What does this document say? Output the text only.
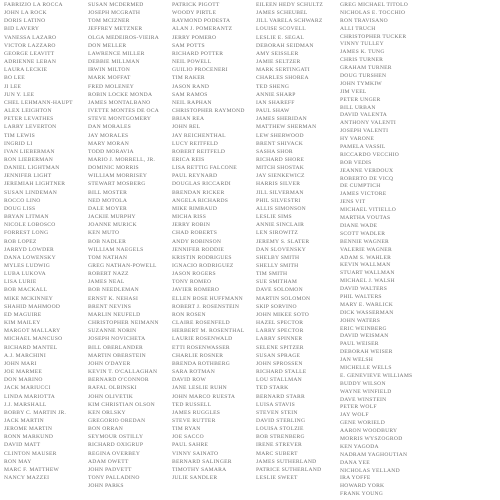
FABRIZIO LA ROCCA
JOHN LA ROCK
DORIS LATINO
BID LAVERY
VANESSA LAZARO
VICTOR LAZZARO
GEORGE LEAVITT
ADRIENNE LEBAN
LAURA LECKIE
BO LEE
JI LEE
JUN Y. LEE
CHEL LEHMANN-HAUPT
ALEX LEIGHTON
PETER LEVATHES
LARRY LEVERTON
TIM LEWIS
INGRID LI
IVAN LIEBERMAN
RON LIEBERMAN
DANIEL LIGHTMAN
JENNIFER LIGHT
JEREMIAH LIGHTNER
SUSAN LINDEMAN
ROCCO LINO
DOUG LISS
BRYAN LITMAN
NICOLE LOBOSCO
FORREST LONG
ROB LOPEZ
JARRYD LOWDER
DANA LOWENSKY
MYLES LUDWIG
LUBA LUKOVA
LISA LURIE
BOB MACKALL
MIKE MCKINNEY
SHAHID MAHMOOD
ED MAGUIRE
KIM MAILEY
MARGOT MALLARY
MICHAEL MANCUSO
RICHARD MANTEL
A.J. MARCHINI
JOHN MARI
JOE MARMEE
DON MARINO
JACK MARIUCCI
LINDA MARIOTTA
J.J. MARSHALL
BOBBY C. MARTIN JR.
JACK MARTIN
JEROME MARTIN
RONN MARKUND
DAVID MATT
CLINTON MAUSER
RON MAY
MARC F. MATTHEW
NANCY MAZZEI
SUSAN MCDERMED
JOSEPH MCGRATH
TOM MCIZNER
JEFFREY METZNER
OLGA MEDEIROS-VIEIRA
DON MELLER
LAWRENCE MILLER
DEBBIE MILLMAN
IRWIN MILTON
MARK MOFFAT
FRED MOLENEY
ROBIN LOCKE MONDA
JAMES MONTALBANO
IVETTE MONTES DE OCA
STEVE MONTGOMERY
DAN MORALES
JAY MORALES
MARY MORAN
TODD MORAVIA
MARIO J. MORRELL, JR.
DOMINIC MORRIS
WILLIAM MORRISEY
STEWART MOSBERG
BILL MOSTER
NED MOTOLA
DALE MOYER
JACKIE MURPHY
JOANNE MURICK
KEN MUTO
BOB NADLER
WILLIAM NAEGELS
TOM NATHAN
GREG NATHAN-POWELL
ROBERT NAZZ
JAMES NEAL
BOB NEEDLEMAN
ERNST K. NEHASI
BRENT NEVINS
MARLIN NEUFELD
CHRISTOPHER NEIMANN
SUZANNE NORIN
JOSEPH NOVICHETA
BILL OBERLANDER
MARTIN OBERSTEIN
JOHN O'DAYER
KEVIN T. O'CALLAGHAN
BERNARD O'CONNOR
RAFAL OLBINSKI
JOHN OLIVETIK
KIM CHRISTIAN OLSON
KEN ORLSKY
GREGORIO OREDAN
BON ORRAN
SEYMOUR OSTILLY
RICHARD OXIGRUP
REGINA OVERBEY
ADAM OWETT
JOHN PADVETT
TONY PALLADINO
JOHN PARKS
PATRICK PIGOTT
WOODY PIRTLE
RAYMOND PODESTA
ALAN J. POMERANTZ
JERRY POMERO
SAM POTTS
RICHARD POTTER
NEIL POWELL
GUILIO PROCENERI
TIM RAKER
JASON RAND
SAM RAMOS
NEIL RAPHAN
CHRISTOPHER RAYMOND
BRIAN REA
JOHN REL
JAY REICHENTHAL
LUCY REITFELD
ROBERT REITFELD
ERICA REIS
LISA RETTIG FALCONE
PAUL REYNARD
DOUGLAS RICCARDI
BRENDAN RICKER
ANGELA RICHARDS
MIKE RIMBAUD
MICHA RISS
JERRY ROBIN
CHAD ROBERTS
ANDY ROBINSON
JENNIFER RODDIE
KRISTIN RODRIGUES
IGNACIO RODRIGUEZ
JASON ROGERS
TONY ROMEO
JAVIER ROMERO
ELLEN BOSE HUFFMANN
ROBERT J. ROSENSTEIN
RON ROSEN
CLAIRE ROSENFELD
HERBERT M. ROSENTHAL
LAURIE ROSENWALD
ETTI ROSENWASSER
CHARLIE ROSNER
BRENDA ROTHBERG
SARA ROTMAN
DAVID ROW
JANE LESLIE RUHN
JOHN MARCO RUESTA
TED RUSSELL
JAMES RUGGLES
STEVE RUTTER
TIM RYAN
JOE SACCO
PAUL SAHRE
VINNY SAINATO
BERNARD SALINGER
TIMOTHY SAMARA
JULIE SANDLER
EILEEN HEDY SCHULTZ
JAMES SCHEUBEL
JILL VARELA SCHWARZ
LOUISE SCOVELL
LESLIE E. SEGAL
DEBORAH SEIDMAN
AMY SEISSLER
JAMIE SELTZER
MARK SERTINGATI
CHARLES SHOREA
TED SHENG
ANNIE SHARP
IAN SHAREFF
PAUL SHAW
JAMES SHERIDAN
MATTHEW SHERMAN
LEW SHERWOOD
BRENT SHIVACK
SASHA SHOR
RICHARD SHORE
MITCH SHOSTAK
JAY SIENKEWICZ
HARRIS SILVER
JILL SILVERMAN
PHIL SILVESTRI
ALLIS SIMONSON
LESLIE SIMS
ANNIE SINCLAIR
LEN SIROWITZ
JEREMY S. SLATER
DAN SLOVENSKY
SHELBY SMITH
SHELLY SMITH
TIM SMITH
SUE SMITHAM
DAVE SOLOMON
MARTIN SOLOMON
SKIP SORVINO
JOHN MIKEE SOTO
HAZEL SPECTOR
LARRY SPECTOR
LARRY SPINNER
SELENE SPITZER
SUSAN SPRAGE
JOHN SPROSSEN
RICHARD STALLE
LOU STALLMAN
TED STARK
BERNARD STARR
LUISA STAVIS
STEVEN STEIN
DAVID STERLING
LOUISA STOLZIE
BOB STRENBERG
IRENE STREVER
MARC SUBERT
JAMES SUTHERLAND
PATRICE SUTHERLAND
LESLIE SWEET
GREG MICHAEL TITOLO
NICHOLAS E. TOCCHIO
RON TRAVISANO
ALLI TRUCH
CHRISTOPHER TUCKER
VINNY TULLEY
JAMES K. TUNG
CHRIS TURNER
GRAHAM TURNER
DOUG TURSHEN
JOHN TYMKIW
JIM VEEL
PETER UNGER
BILL URBAN
DAVID VALENTA
ANTHONY VALENTI
JOSEPH VALENTI
HY VARONE
PAMELA VASSIL
RICCARDO VECCHIO
BOB VEDIS
JEANNE VERDOUX
ROBERTO DE VICQ
DE CUMPTICH
JAMES VICTORE
JENS VIT
MICHAEL VITIELLO
MARTHA VOUTAS
DIANE WADE
SCOTT WADLER
BENNIE WAGNER
VALERIE WAGNER
ADAM S. WAHLER
KEVIN WALLMAN
STUART WALLMAN
MICHAEL J. WALSH
DAVID WALTERS
PHIL WALTERS
MARY E. WARLICK
DICK WASSERMAN
JOHN WATERS
ERIC WEINBERG
DAVID WEISMAN
PAUL WEISER
DEBORAH WEISER
JAN WELSH
MICHELLE WELLS
E. GENEVIEVE WILLIAMS
BUDDY WILSON
WAYNE WINFIELD
DAVE WINSTEIN
PETER WOLF
JAY WOLF
GENE WORIELD
AARON WOODBURY
MORRIS WYSZOGROD
KEN YAGODA
NADRAM YAGHOUTIAN
DANA YEE
NICHOLAS YELLAND
IRA YOFFE
HOWARD YORK
FRANK YOUNG
